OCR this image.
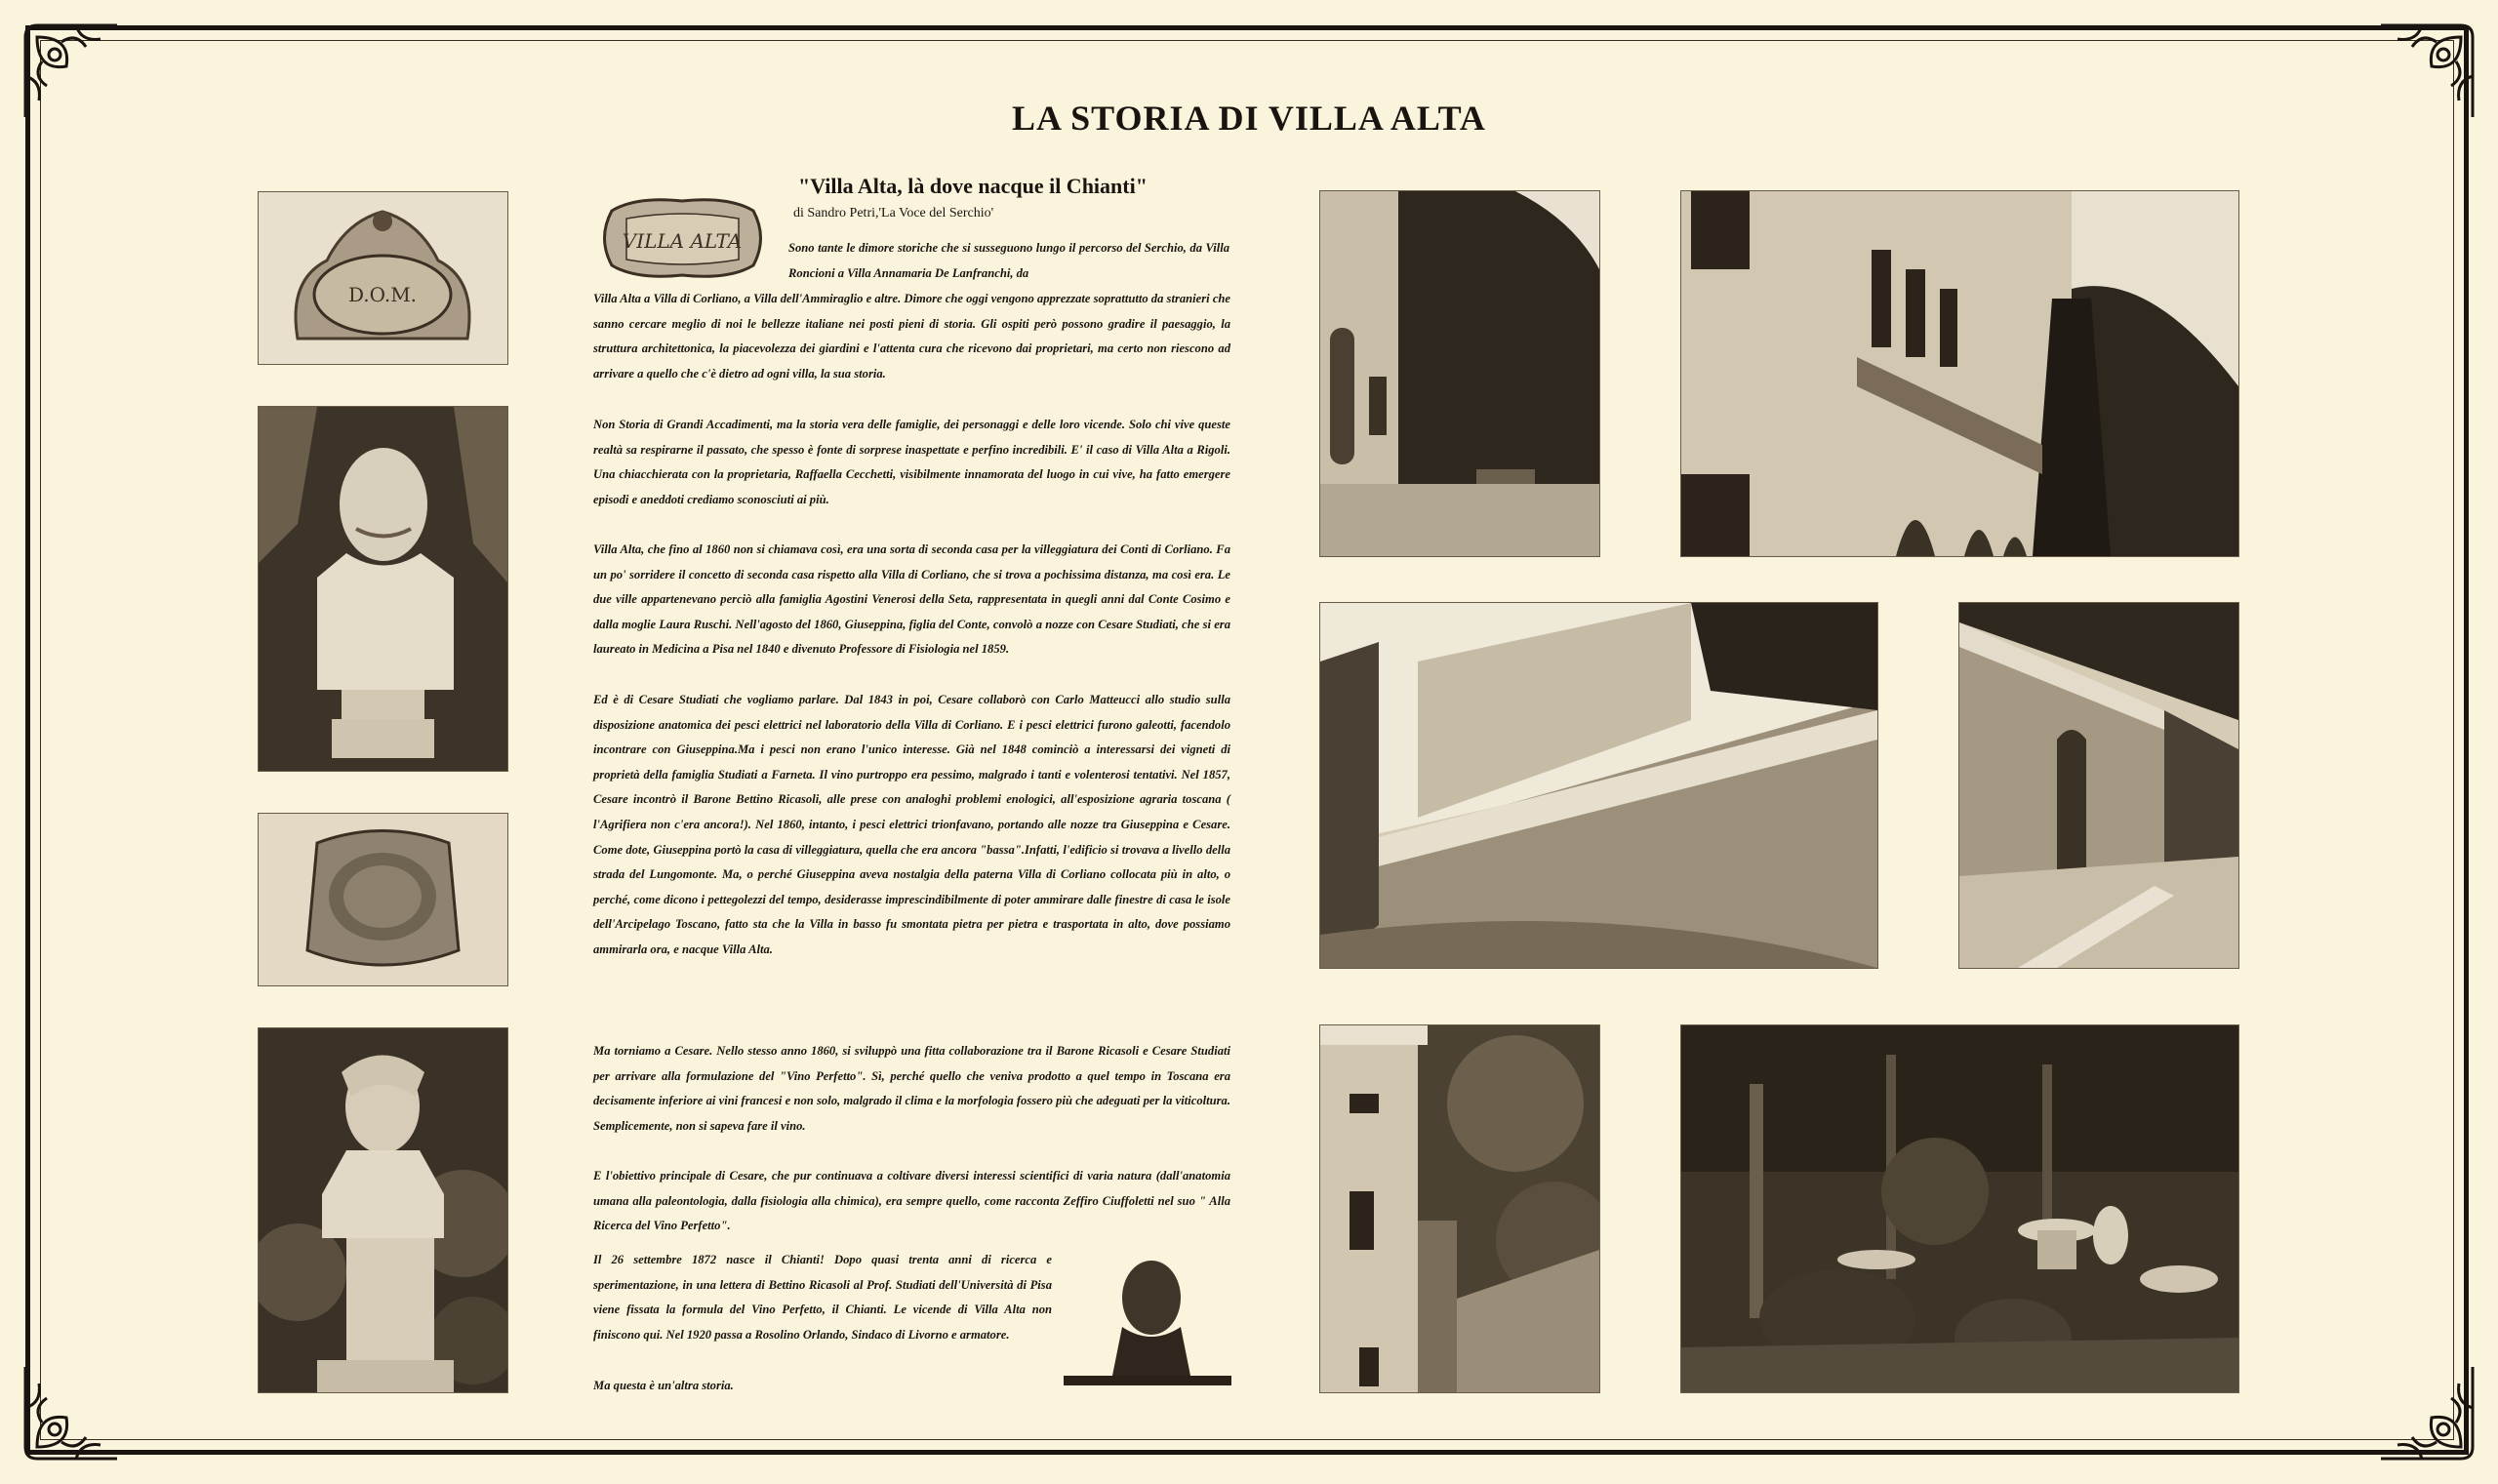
LA STORIA DI VILLA ALTA
D.O.M.
VILLA ALTA
"Villa Alta, là dove nacque il Chianti"
di Sandro Petri,'La Voce del Serchio'
Sono tante le dimore storiche che si susseguono lungo il percorso del Serchio, da Villa Roncioni a Villa Annamaria De Lanfranchi, da
Villa Alta a Villa di Corliano, a Villa dell'Ammiraglio e altre. Dimore che oggi vengono apprezzate soprattutto da stranieri che sanno cercare meglio di noi le bellezze italiane nei posti pieni di storia. Gli ospiti però possono gradire il paesaggio, la struttura architettonica, la piacevolezza dei giardini e l'attenta cura che ricevono dai proprietari, ma certo non riescono ad arrivare a quello che c'è dietro ad ogni villa, la sua storia.
Non Storia di Grandi Accadimenti, ma la storia vera delle famiglie, dei personaggi e delle loro vicende. Solo chi vive queste realtà sa respirarne il passato, che spesso è fonte di sorprese inaspettate e perfino incredibili. E' il caso di Villa Alta a Rigoli. Una chiacchierata con la proprietaria, Raffaella Cecchetti, visibilmente innamorata del luogo in cui vive, ha fatto emergere episodi e aneddoti crediamo sconosciuti ai più.
Villa Alta, che fino al 1860 non si chiamava così, era una sorta di seconda casa per la villeggiatura dei Conti di Corliano. Fa un po' sorridere il concetto di seconda casa rispetto alla Villa di Corliano, che si trova a pochissima distanza, ma così era. Le due ville appartenevano perciò alla famiglia Agostini Venerosi della Seta, rappresentata in quegli anni dal Conte Cosimo e dalla moglie Laura Ruschi. Nell'agosto del 1860, Giuseppina, figlia del Conte, convolò a nozze con Cesare Studiati, che si era laureato in Medicina a Pisa nel 1840 e divenuto Professore di Fisiologia nel 1859.
Ed è di Cesare Studiati che vogliamo parlare. Dal 1843 in poi, Cesare collaborò con Carlo Matteucci allo studio sulla disposizione anatomica dei pesci elettrici nel laboratorio della Villa di Corliano. E i pesci elettrici furono galeotti, facendolo incontrare con Giuseppina.Ma i pesci non erano l'unico interesse. Già nel 1848 cominciò a interessarsi dei vigneti di proprietà della famiglia Studiati a Farneta. Il vino purtroppo era pessimo, malgrado i tanti e volenterosi tentativi. Nel 1857, Cesare incontrò il Barone Bettino Ricasoli, alle prese con analoghi problemi enologici, all'esposizione agraria toscana ( l'Agrifiera non c'era ancora!). Nel 1860, intanto, i pesci elettrici trionfavano, portando alle nozze tra Giuseppina e Cesare. Come dote, Giuseppina portò la casa di villeggiatura, quella che era ancora "bassa".Infatti, l'edificio si trovava a livello della strada del Lungomonte. Ma, o perché Giuseppina aveva nostalgia della paterna Villa di Corliano collocata più in alto, o perché, come dicono i pettegolezzi del tempo, desiderasse imprescindibilmente di poter ammirare dalle finestre di casa le isole dell'Arcipelago Toscano, fatto sta che la Villa in basso fu smontata pietra per pietra e trasportata in alto, dove possiamo ammirarla ora, e nacque Villa Alta.
Ma torniamo a Cesare. Nello stesso anno 1860, si sviluppò una fitta collaborazione tra il Barone Ricasoli e Cesare Studiati per arrivare alla formulazione del "Vino Perfetto". Sì, perché quello che veniva prodotto a quel tempo in Toscana era decisamente inferiore ai vini francesi e non solo, malgrado il clima e la morfologia fossero più che adeguati per la viticoltura. Semplicemente, non si sapeva fare il vino.
E l'obiettivo principale di Cesare, che pur continuava a coltivare diversi interessi scientifici di varia natura (dall'anatomia umana alla paleontologia, dalla fisiologia alla chimica), era sempre quello, come racconta Zeffiro Ciuffoletti nel suo " Alla Ricerca del Vino Perfetto".
Il 26 settembre 1872 nasce il Chianti! Dopo quasi trenta anni di ricerca e sperimentazione, in una lettera di Bettino Ricasoli al Prof. Studiati dell'Università di Pisa viene fissata la formula del Vino Perfetto, il Chianti. Le vicende di Villa Alta non finiscono qui. Nel 1920 passa a Rosolino Orlando, Sindaco di Livorno e armatore.
Ma questa è un'altra storia.
